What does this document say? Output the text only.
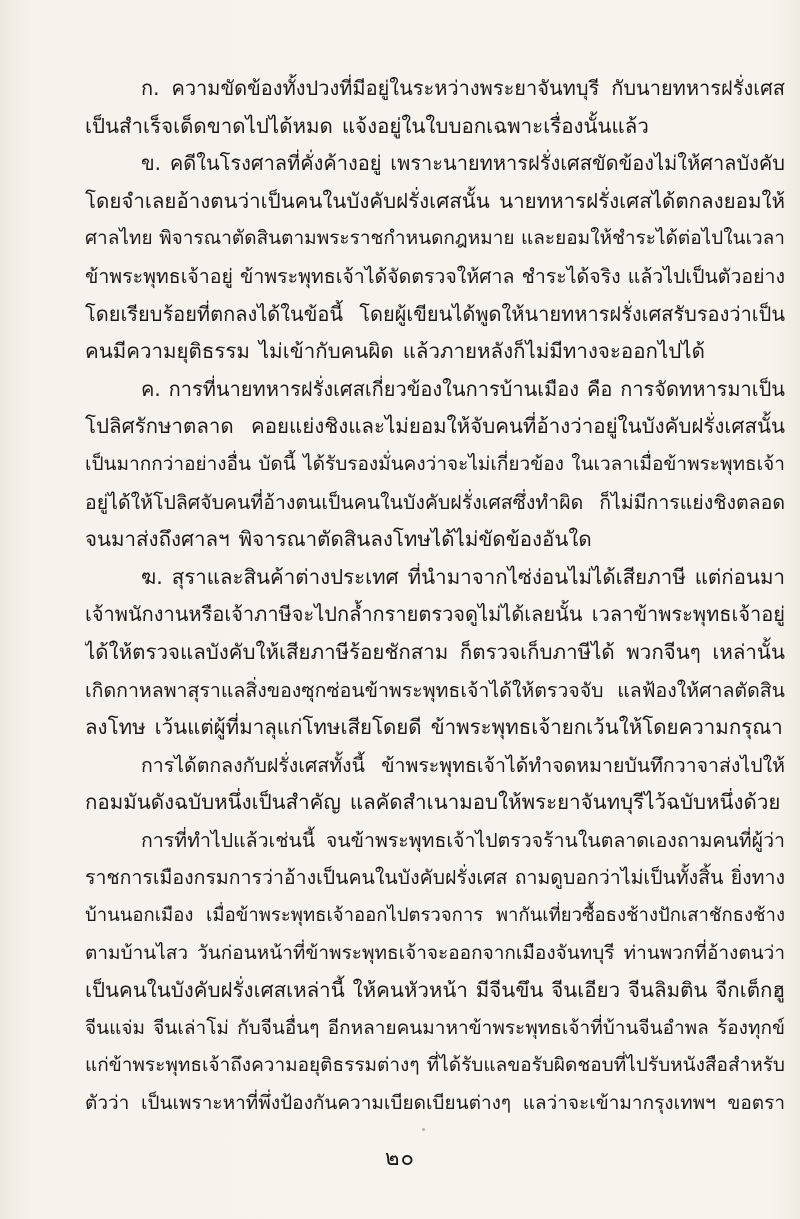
ก. ความขัดข้องทั้งปวงที่มีอยู่ในระหว่างพระยาจันทบุรี กับนายทหารฝรั่งเศส
เป็นสำเร็จเด็ดขาดไปได้หมด แจ้งอยู่ในใบบอกเฉพาะเรื่องนั้นแล้ว
ข. คดีในโรงศาลที่คั่งค้างอยู่ เพราะนายทหารฝรั่งเศสขัดข้องไม่ให้ศาลบังคับ
โดยจำเลยอ้างตนว่าเป็นคนในบังคับฝรั่งเศสนั้น นายทหารฝรั่งเศสได้ตกลงยอมให้
ศาลไทย พิจารณาตัดสินตามพระราชกำหนดกฎหมาย และยอมให้ชำระได้ต่อไปในเวลา
ข้าพระพุทธเจ้าอยู่ ข้าพระพุทธเจ้าได้จัดตรวจให้ศาล ชำระได้จริง แล้วไปเป็นตัวอย่าง
โดยเรียบร้อยที่ตกลงได้ในข้อนี้ โดยผู้เขียนได้พูดให้นายทหารฝรั่งเศสรับรองว่าเป็น
คนมีความยุติธรรม ไม่เข้ากับคนผิด แล้วภายหลังก็ไม่มีทางจะออกไปได้
ค. การที่นายทหารฝรั่งเศสเกี่ยวข้องในการบ้านเมือง คือ การจัดทหารมาเป็น
โปลิศรักษาตลาด คอยแย่งชิงและไม่ยอมให้จับคนที่อ้างว่าอยู่ในบังคับฝรั่งเศสนั้น
เป็นมากกว่าอย่างอื่น บัดนี้ ได้รับรองมั่นคงว่าจะไม่เกี่ยวข้อง ในเวลาเมื่อข้าพระพุทธเจ้า
อยู่ได้ให้โปลิศจับคนที่อ้างตนเป็นคนในบังคับฝรั่งเศสซึ่งทำผิด ก็ไม่มีการแย่งชิงตลอด
จนมาส่งถึงศาลฯ พิจารณาตัดสินลงโทษได้ไม่ขัดข้องอันใด
ฆ. สุราและสินค้าต่างประเทศ ที่นำมาจากไซ่ง่อนไม่ได้เสียภาษี แต่ก่อนมา
เจ้าพนักงานหรือเจ้าภาษีจะไปกล้ำกรายตรวจดูไม่ได้เลยนั้น เวลาข้าพระพุทธเจ้าอยู่
ได้ให้ตรวจแลบังคับให้เสียภาษีร้อยชักสาม ก็ตรวจเก็บภาษีได้ พวกจีนๆ เหล่านั้น
เกิดกาหลพาสุราแลสิ่งของซุกซ่อนข้าพระพุทธเจ้าได้ให้ตรวจจับ แลฟ้องให้ศาลตัดสิน
ลงโทษ เว้นแต่ผู้ที่มาลุแก่โทษเสียโดยดี ข้าพระพุทธเจ้ายกเว้นให้โดยความกรุณา
การได้ตกลงกับฝรั่งเศสทั้งนี้ ข้าพระพุทธเจ้าได้ทำจดหมายบันทึกวาจาส่งไปให้
กอมมันดังฉบับหนึ่งเป็นสำคัญ แลคัดสำเนามอบให้พระยาจันทบุรีไว้ฉบับหนึ่งด้วย
การที่ทำไปแล้วเช่นนี้ จนข้าพระพุทธเจ้าไปตรวจร้านในตลาดเองถามคนที่ผู้ว่า
ราชการเมืองกรมการว่าอ้างเป็นคนในบังคับฝรั่งเศส ถามดูบอกว่าไม่เป็นทั้งสิ้น ยิ่งทาง
บ้านนอกเมือง เมื่อข้าพระพุทธเจ้าออกไปตรวจการ พากันเที่ยวซื้อธงช้างปักเสาชักธงช้าง
ตามบ้านไสว วันก่อนหน้าที่ข้าพระพุทธเจ้าจะออกจากเมืองจันทบุรี ท่านพวกที่อ้างตนว่า
เป็นคนในบังคับฝรั่งเศสเหล่านี้ ให้คนหัวหน้า มีจีนขึน จีนเอียว จีนลิมติน จีกเต็กฮู
จีนแจ่ม จีนเล่าโม่ กับจีนอื่นๆ อีกหลายคนมาหาข้าพระพุทธเจ้าที่บ้านจีนอำพล ร้องทุกข์
แก่ข้าพระพุทธเจ้าถึงความอยุติธรรมต่างๆ ที่ได้รับแลขอรับผิดชอบที่ไปรับหนังสือสำหรับ
ตัวว่า เป็นเพราะหาที่พึ่งป้องกันความเบียดเบียนต่างๆ แลว่าจะเข้ามากรุงเทพฯ ขอตรา
๒๐
